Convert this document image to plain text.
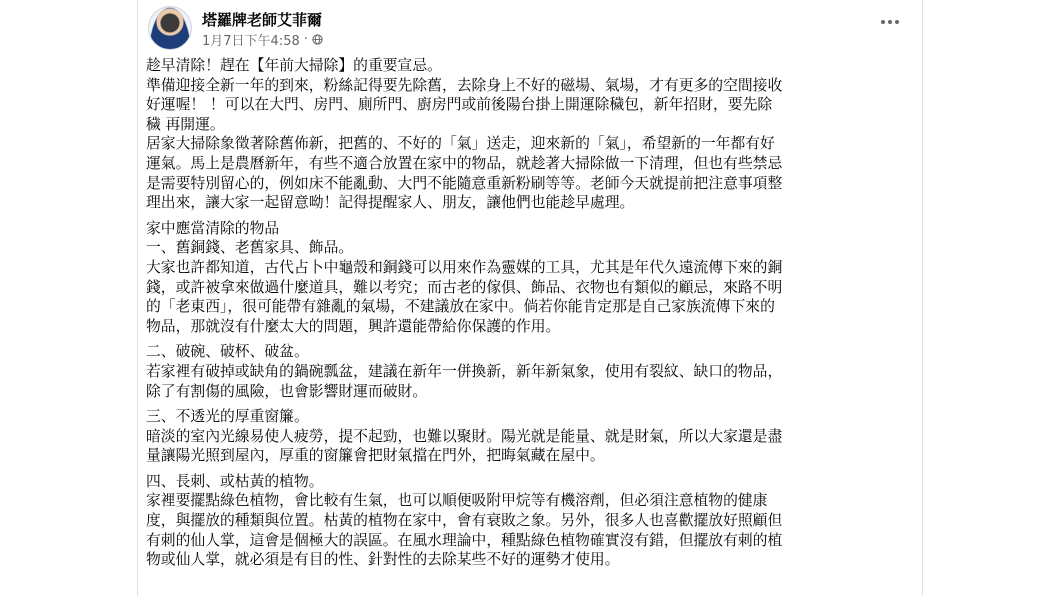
塔羅牌老師艾菲爾
1月7日下午4:58 ·

趁早清除！趕在【年前大掃除】的重要宣忌。

準備迎接全新一年的到來，粉絲記得要先除舊，去除身上不好的磁場、氣場，才有更多的空間接收
好運喔！ ！可以在大門、房門、廁所門、廚房門或前後陽台掛上開運除穢包，新年招財，要先除
穢 再開運。

居家大掃除象徵著除舊佈新，把舊的、不好的「氣」送走，迎來新的「氣」，希望新的一年都有好
運氣。馬上是農曆新年，有些不適合放置在家中的物品，就趁著大掃除做一下清理，但也有些禁忌
是需要特別留心的，例如床不能亂動、大門不能隨意重新粉刷等等。老師今天就提前把注意事項整
理出來，讓大家一起留意呦！記得提醒家人、朋友，讓他們也能趁早處理。

家中應當清除的物品

一、舊銅錢、老舊家具、飾品。

大家也許都知道，古代占卜中龜殼和銅錢可以用來作為靈媒的工具，尤其是年代久遠流傳下來的銅
錢，或許被拿來做過什麼道具，難以考究；而古老的傢俱、飾品、衣物也有類似的顧忌，來路不明
的「老東西」，很可能帶有雜亂的氣場，不建議放在家中。倘若你能肯定那是自己家族流傳下來的
物品，那就沒有什麼太大的問題，興許還能帶給你保護的作用。

二、破碗、破杯、破盆。

若家裡有破掉或缺角的鍋碗瓢盆，建議在新年一併換新，新年新氣象，使用有裂紋、缺口的物品，
除了有割傷的風險，也會影響財運而破財。

三、不透光的厚重窗簾。

暗淡的室內光線易使人疲勞，提不起勁，也難以聚財。陽光就是能量、就是財氣，所以大家還是盡
量讓陽光照到屋內，厚重的窗簾會把財氣擋在門外，把晦氣藏在屋中。

四、長刺、或枯黃的植物。

家裡要擺點綠色植物，會比較有生氣，也可以順便吸附甲烷等有機溶劑，但必須注意植物的健康
度，與擺放的種類與位置。枯黃的植物在家中，會有衰敗之象。另外，很多人也喜歡擺放好照顧但
有刺的仙人掌，這會是個極大的誤區。在風水理論中，種點綠色植物確實沒有錯，但擺放有刺的植
物或仙人掌，就必須是有目的性、針對性的去除某些不好的運勢才使用。
